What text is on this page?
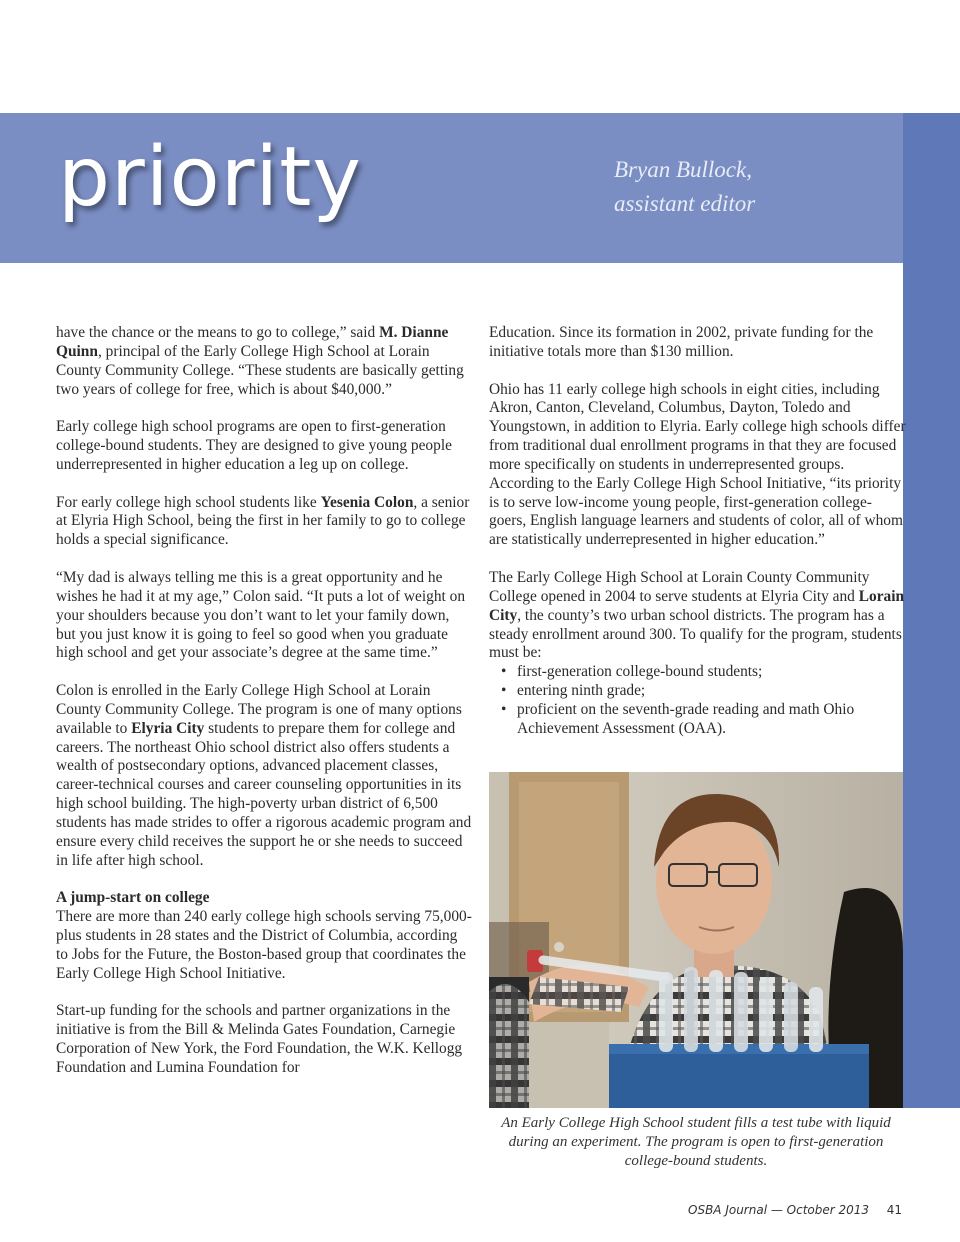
priority	Bryan Bullock,
assistant editor

have the chance or the means to go to college,” said M. Dianne Quinn, principal of the Early College High School at Lorain County Community College. “These students are basically getting two years of college for free, which is about $40,000.”

Early college high school programs are open to first-generation college-bound students. They are designed to give young people underrepresented in higher education a leg up on college.

For early college high school students like Yesenia Colon, a senior at Elyria High School, being the first in her family to go to college holds a special significance.

“My dad is always telling me this is a great opportunity and he wishes he had it at my age,” Colon said. “It puts a lot of weight on your shoulders because you don’t want to let your family down, but you just know it is going to feel so good when you graduate high school and get your associate’s degree at the same time.”

Colon is enrolled in the Early College High School at Lorain County Community College. The program is one of many options available to Elyria City students to prepare them for college and careers. The northeast Ohio school district also offers students a wealth of postsecondary options, advanced placement classes, career-technical courses and career counseling opportunities in its high school building. The high-poverty urban district of 6,500 students has made strides to offer a rigorous academic program and ensure every child receives the support he or she needs to succeed in life after high school.

A jump-start on college

There are more than 240 early college high schools serving 75,000-plus students in 28 states and the District of Columbia, according to Jobs for the Future, the Boston-based group that coordinates the Early College High School Initiative.

Start-up funding for the schools and partner organizations in the initiative is from the Bill & Melinda Gates Foundation, Carnegie Corporation of New York, the Ford Foundation, the W.K. Kellogg Foundation and Lumina Foundation for

Education. Since its formation in 2002, private funding for the initiative totals more than $130 million.

Ohio has 11 early college high schools in eight cities, including Akron, Canton, Cleveland, Columbus, Dayton, Toledo and Youngstown, in addition to Elyria. Early college high schools differ from traditional dual enrollment programs in that they are focused more specifically on students in underrepresented groups. According to the Early College High School Initiative, “its priority is to serve low-income young people, first-generation college-goers, English language learners and students of color, all of whom are statistically underrepresented in higher education.”

The Early College High School at Lorain County Community College opened in 2004 to serve students at Elyria City and Lorain City, the county’s two urban school districts. The program has a steady enrollment around 300. To qualify for the program, students must be:

• first-generation college-bound students;
• entering ninth grade;
• proficient on the seventh-grade reading and math Ohio Achievement Assessment (OAA).
An Early College High School student fills a test tube with liquid during an experiment. The program is open to first-generation college-bound students.
OSBA Journal — October 2013 41
